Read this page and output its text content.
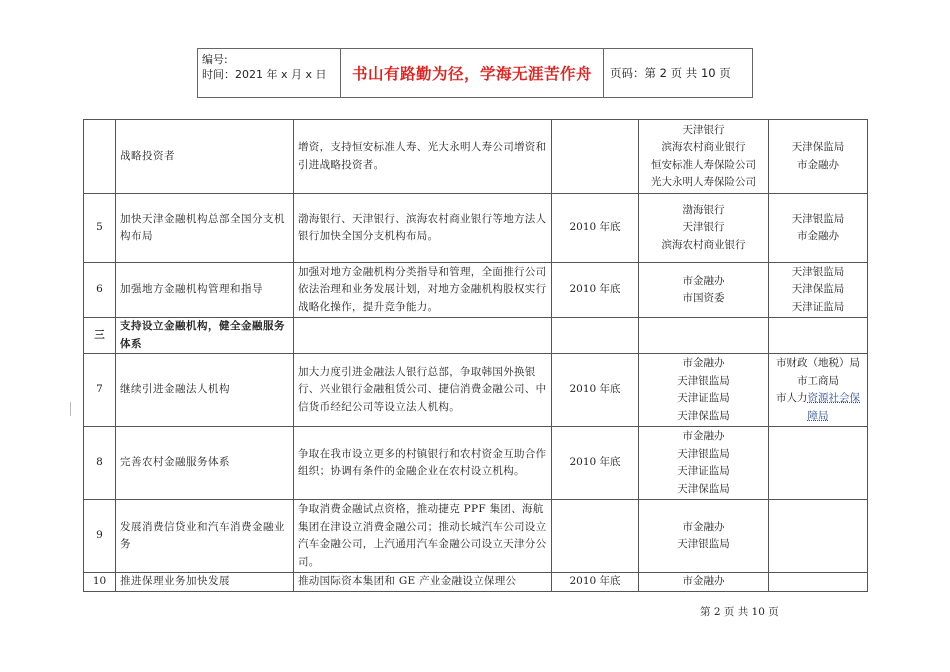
编号:
时间：2021 年 x 月 x 日	书山有路勤为径，学海无涯苦作舟	页码：第 2 页 共 10 页
	战略投资者	增资，支持恒安标准人寿、光大永明人寿公司增资和引进战略投资者。		天津银行
滨海农村商业银行
恒安标准人寿保险公司
光大永明人寿保险公司	天津保监局
市金融办

5	加快天津金融机构总部全国分支机构布局	渤海银行、天津银行、滨海农村商业银行等地方法人银行加快全国分支机构布局。	2010 年底	渤海银行
天津银行
滨海农村商业银行	天津银监局
市金融办

6	加强地方金融机构管理和指导	加强对地方金融机构分类指导和管理，全面推行公司依法治理和业务发展计划，对地方金融机构股权实行战略化操作，提升竞争能力。	2010 年底	市金融办
市国资委	天津银监局
天津保监局
天津证监局

三	支持设立金融机构，健全金融服务体系				
7	继续引进金融法人机构	加大力度引进金融法人银行总部，争取韩国外换银行、兴业银行金融租赁公司、捷信消费金融公司、中信货币经纪公司等设立法人机构。	2010 年底	市金融办
天津银监局
天津证监局
天津保监局	市财政（地税）局
市工商局
市人力资源社会保障局

8	完善农村金融服务体系	争取在我市设立更多的村镇银行和农村资金互助合作组织；协调有条件的金融企业在农村设立机构。	2010 年底	市金融办
天津银监局
天津证监局
天津保监局	

9	发展消费信贷业和汽车消费金融业务	争取消费金融试点资格，推动捷克 PPF 集团、海航集团在津设立消费金融公司；推动长城汽车公司设立汽车金融公司，上汽通用汽车金融公司设立天津分公司。		市金融办
天津银监局	

10	推进保理业务加快发展	推动国际资本集团和 GE 产业金融设立保理公	2010 年底	市金融办	

第 2 页 共 10 页
